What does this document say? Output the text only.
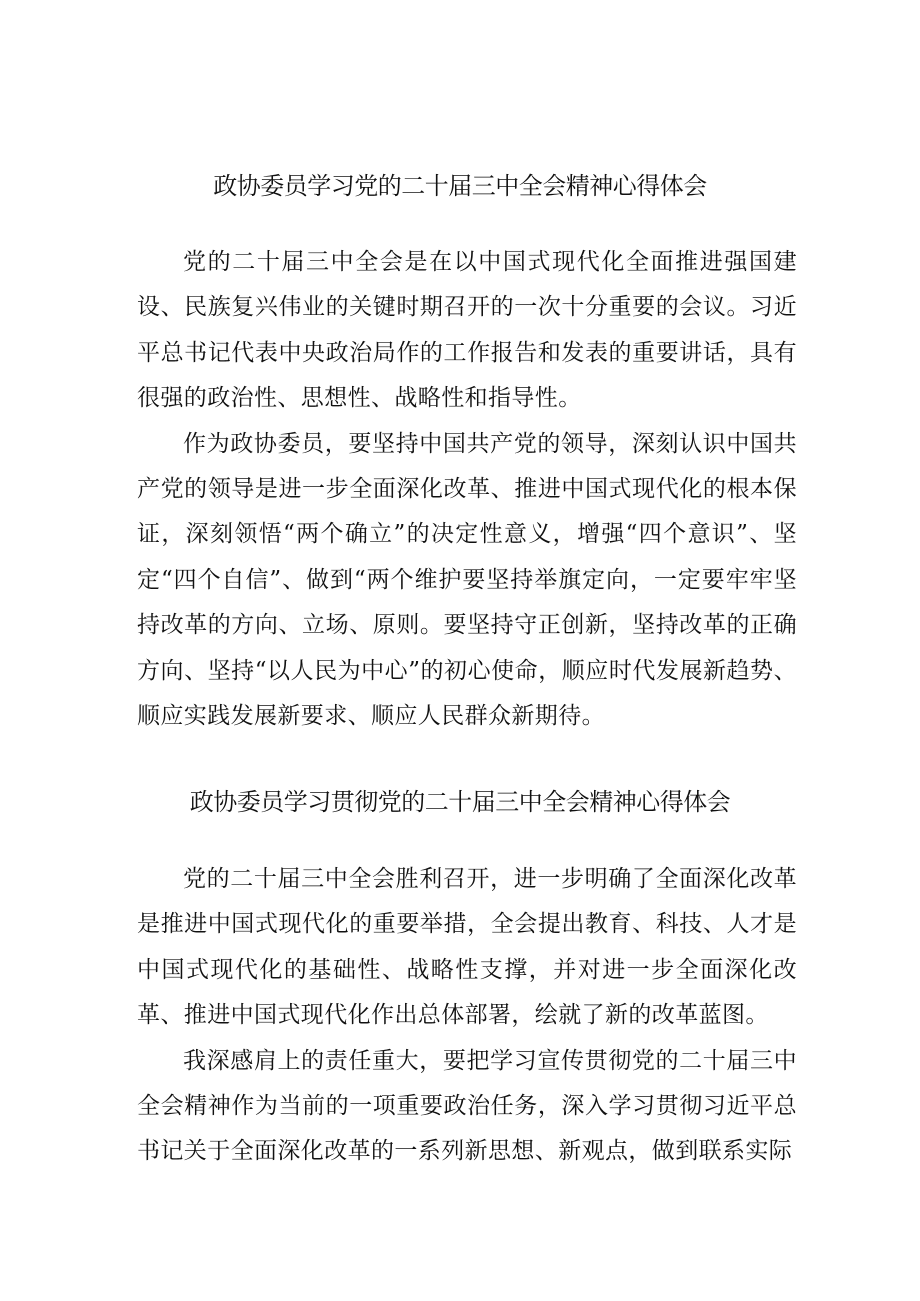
政协委员学习党的二十届三中全会精神心得体会

党的二十届三中全会是在以中国式现代化全面推进强国建设、民族复兴伟业的关键时期召开的一次十分重要的会议。习近平总书记代表中央政治局作的工作报告和发表的重要讲话，具有很强的政治性、思想性、战略性和指导性。

作为政协委员，要坚持中国共产党的领导，深刻认识中国共产党的领导是进一步全面深化改革、推进中国式现代化的根本保证，深刻领悟“两个确立”的决定性意义，增强“四个意识”、坚定“四个自信”、做到“两个维护要坚持举旗定向，一定要牢牢坚持改革的方向、立场、原则。要坚持守正创新，坚持改革的正确方向、坚持“以人民为中心”的初心使命，顺应时代发展新趋势、顺应实践发展新要求、顺应人民群众新期待。

政协委员学习贯彻党的二十届三中全会精神心得体会

党的二十届三中全会胜利召开，进一步明确了全面深化改革是推进中国式现代化的重要举措，全会提出教育、科技、人才是中国式现代化的基础性、战略性支撑，并对进一步全面深化改革、推进中国式现代化作出总体部署，绘就了新的改革蓝图。

我深感肩上的责任重大，要把学习宣传贯彻党的二十届三中全会精神作为当前的一项重要政治任务，深入学习贯彻习近平总书记关于全面深化改革的一系列新思想、新观点，做到联系实际
